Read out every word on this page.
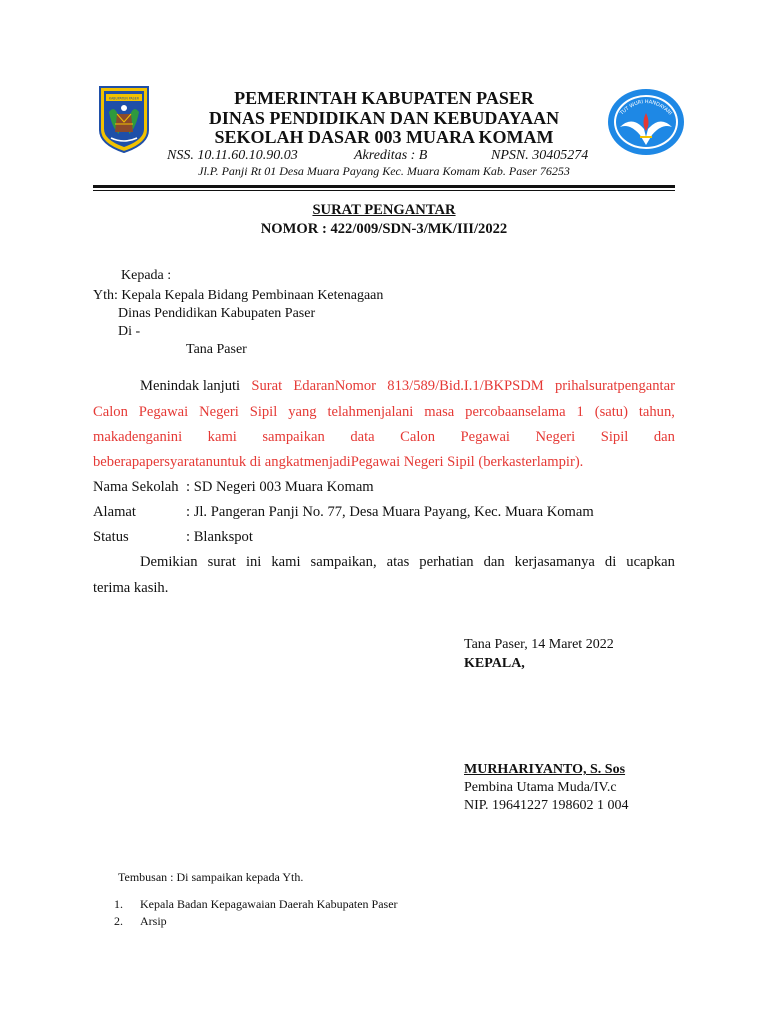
KABUPATEN PASER
TUT WURI HANDAYANI
PEMERINTAH KABUPATEN PASER
DINAS PENDIDIKAN DAN KEBUDAYAAN
SEKOLAH DASAR 003 MUARA KOMAM
NSS. 10.11.60.10.90.03	Akreditas : B	NPSN. 30405274
Jl.P. Panji Rt 01 Desa Muara Payang Kec. Muara Komam Kab. Paser 76253
SURAT PENGANTAR
NOMOR : 422/009/SDN-3/MK/III/2022
Kepada :
Yth: Kepala Kepala Bidang Pembinaan Ketenagaan
Dinas Pendidikan Kabupaten Paser
Di -
Tana Paser
Menindak lanjuti Surat EdaranNomor 813/589/Bid.I.1/BKPSDM prihalsuratpengantar
Calon Pegawai Negeri Sipil yang telahmenjalani masa percobaanselama 1 (satu) tahun,
makadenganini kami sampaikan data Calon Pegawai Negeri Sipil dan
beberapapersyaratanuntuk di angkatmenjadiPegawai Negeri Sipil (berkasterlampir).
Nama Sekolah : SD Negeri 003 Muara Komam
Alamat	: Jl. Pangeran Panji No. 77, Desa Muara Payang, Kec. Muara Komam
Status	: Blankspot
Demikian surat ini kami sampaikan, atas perhatian dan kerjasamanya di ucapkan
terima kasih.
Tana Paser, 14 Maret 2022
KEPALA,
MURHARIYANTO, S. Sos
Pembina Utama Muda/IV.c
NIP. 19641227 198602 1 004
Tembusan : Di sampaikan kepada Yth.
1. Kepala Badan Kepagawaian Daerah Kabupaten Paser
2. Arsip
